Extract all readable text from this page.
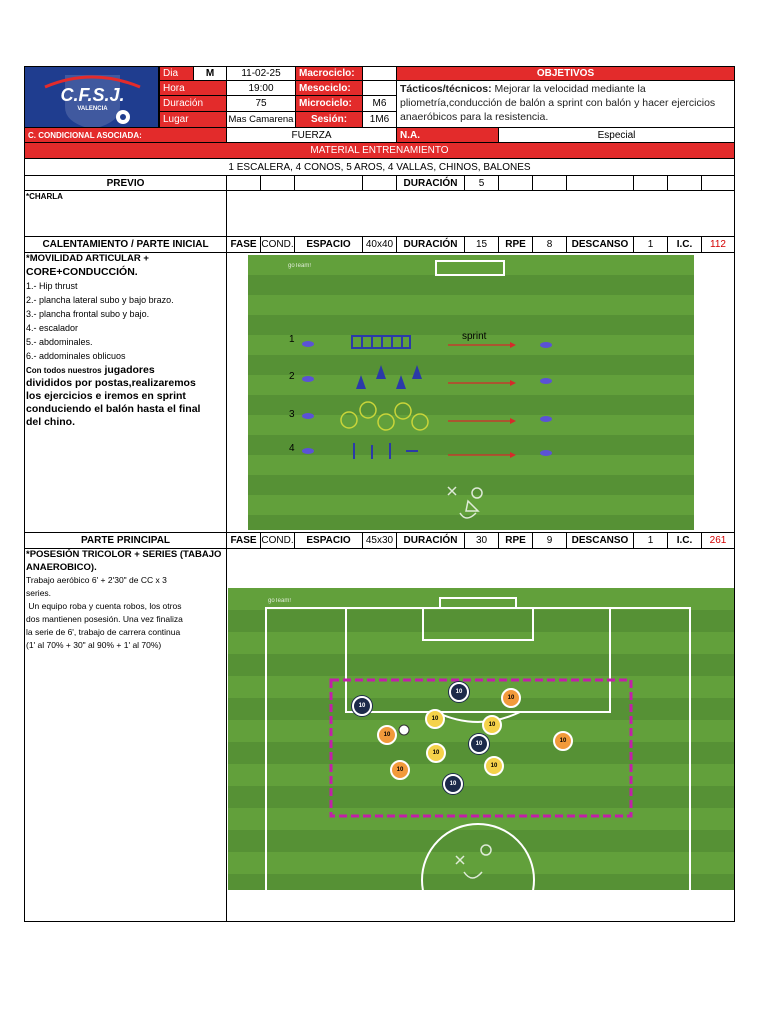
C.F.S.J.
VALENCIA
Dia	M	11-02-25	Macrociclo:	OBJETIVOS
Hora	19:00	Mesociclo:
Duración	75	Microciclo:	M6
Lugar	Mas Camarena	Sesión:	1M6
Tácticos/técnicos: Mejorar la velocidad mediante la pliometría,conducción de balón a sprint con balón y hacer ejercicios anaeróbicos para la resistencia.
C. CONDICIONAL ASOCIADA:	FUERZA	N.A.	Especial
MATERIAL ENTRENAMIENTO
1 ESCALERA, 4 CONOS, 5 AROS, 4 VALLAS, CHINOS, BALONES
PREVIO	DURACIÓN	5
*CHARLA
CALENTAMIENTO / PARTE INICIAL	FASE COND.	ESPACIO	40x40	DURACIÓN	15	RPE	8	DESCANSO	1	I.C.	112
*MOVILIDAD ARTICULAR +
CORE+CONDUCCIÓN.
1.- Hip thrust
2.- plancha lateral subo y bajo brazo.
3.- plancha frontal subo y bajo.
4.- escalador
5.- abdominales.
6.- addominales oblicuos
Con todos nuestros jugadores
divididos por postas,realizaremos
los ejercicios e iremos en sprint
conduciendo el balón hasta el final
del chino.
goTeam!
1
2
3
4
sprint
PARTE PRINCIPAL	FASE COND.	ESPACIO	45x30	DURACIÓN	30	RPE	9	DESCANSO	1	I.C.	261
*POSESIÓN TRICOLOR + SERIES (TABAJO
ANAEROBICO).
Trabajo aeróbico 6' + 2'30" de CC x 3
series.
Un equipo roba y cuenta robos, los otros
dos mantienen posesión. Una vez finaliza
la serie de 6', trabajo de carrera continua
(1' al 70% + 30" al 90% + 1' al 70%)
goTeam!
10
10
10
10
10
10
10	10
10
10
10
10
